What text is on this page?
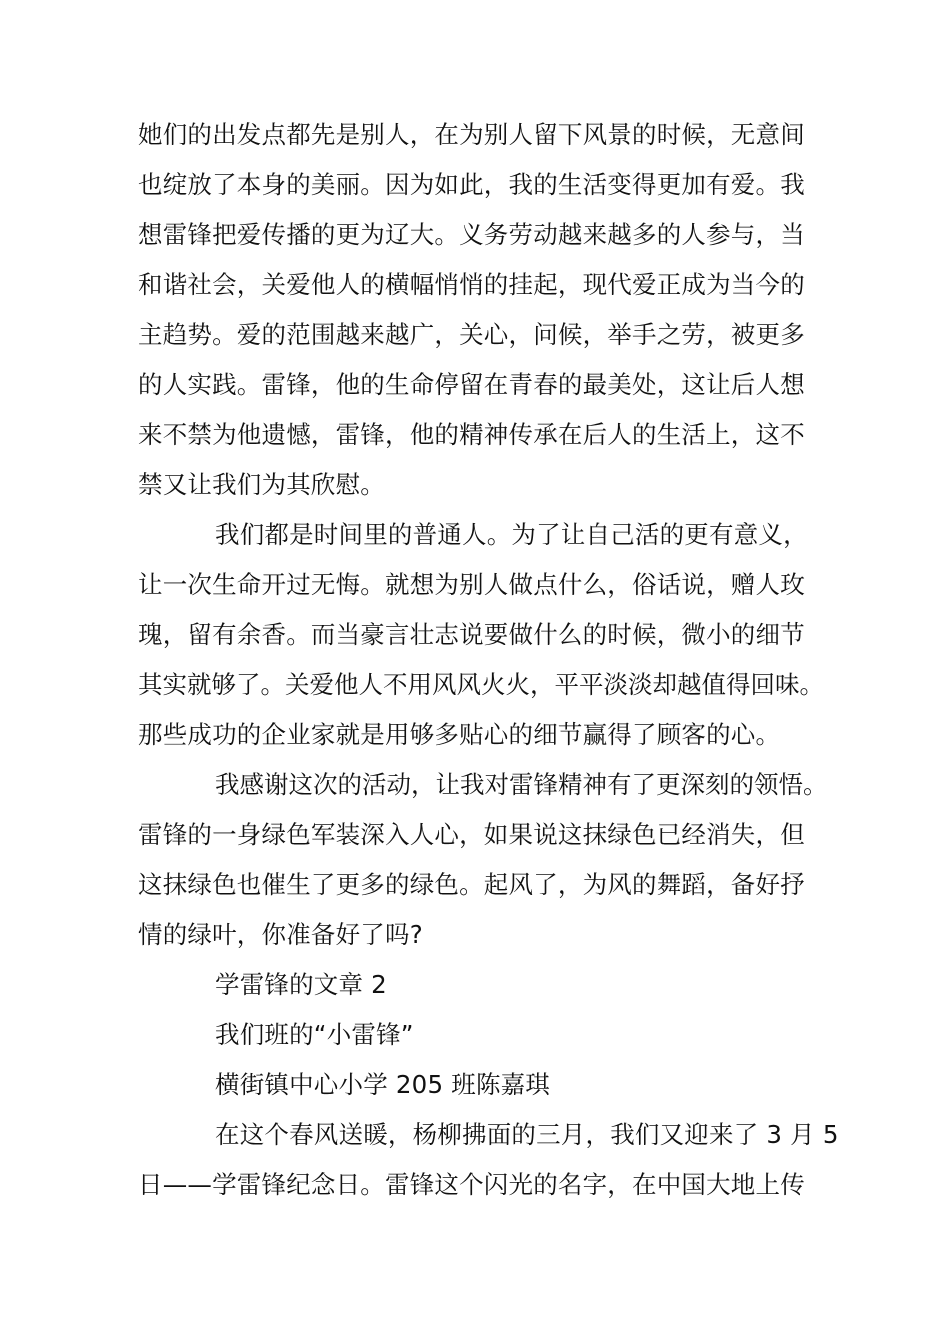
她们的出发点都先是别人，在为别人留下风景的时候，无意间
也绽放了本身的美丽。因为如此，我的生活变得更加有爱。我
想雷锋把爱传播的更为辽大。义务劳动越来越多的人参与，当
和谐社会，关爱他人的横幅悄悄的挂起，现代爱正成为当今的
主趋势。爱的范围越来越广，关心，问候，举手之劳，被更多
的人实践。雷锋，他的生命停留在青春的最美处，这让后人想
来不禁为他遗憾，雷锋，他的精神传承在后人的生活上，这不
禁又让我们为其欣慰。
我们都是时间里的普通人。为了让自己活的更有意义，
让一次生命开过无悔。就想为别人做点什么，俗话说，赠人玫
瑰，留有余香。而当豪言壮志说要做什么的时候，微小的细节
其实就够了。关爱他人不用风风火火，平平淡淡却越值得回味。
那些成功的企业家就是用够多贴心的细节赢得了顾客的心。
我感谢这次的活动，让我对雷锋精神有了更深刻的领悟。
雷锋的一身绿色军装深入人心，如果说这抹绿色已经消失，但
这抹绿色也催生了更多的绿色。起风了，为风的舞蹈，备好抒
情的绿叶，你准备好了吗?
学雷锋的文章 2
我们班的“小雷锋”
横街镇中心小学 205 班陈嘉琪
在这个春风送暖，杨柳拂面的三月，我们又迎来了 3 月 5
日——学雷锋纪念日。雷锋这个闪光的名字，在中国大地上传
